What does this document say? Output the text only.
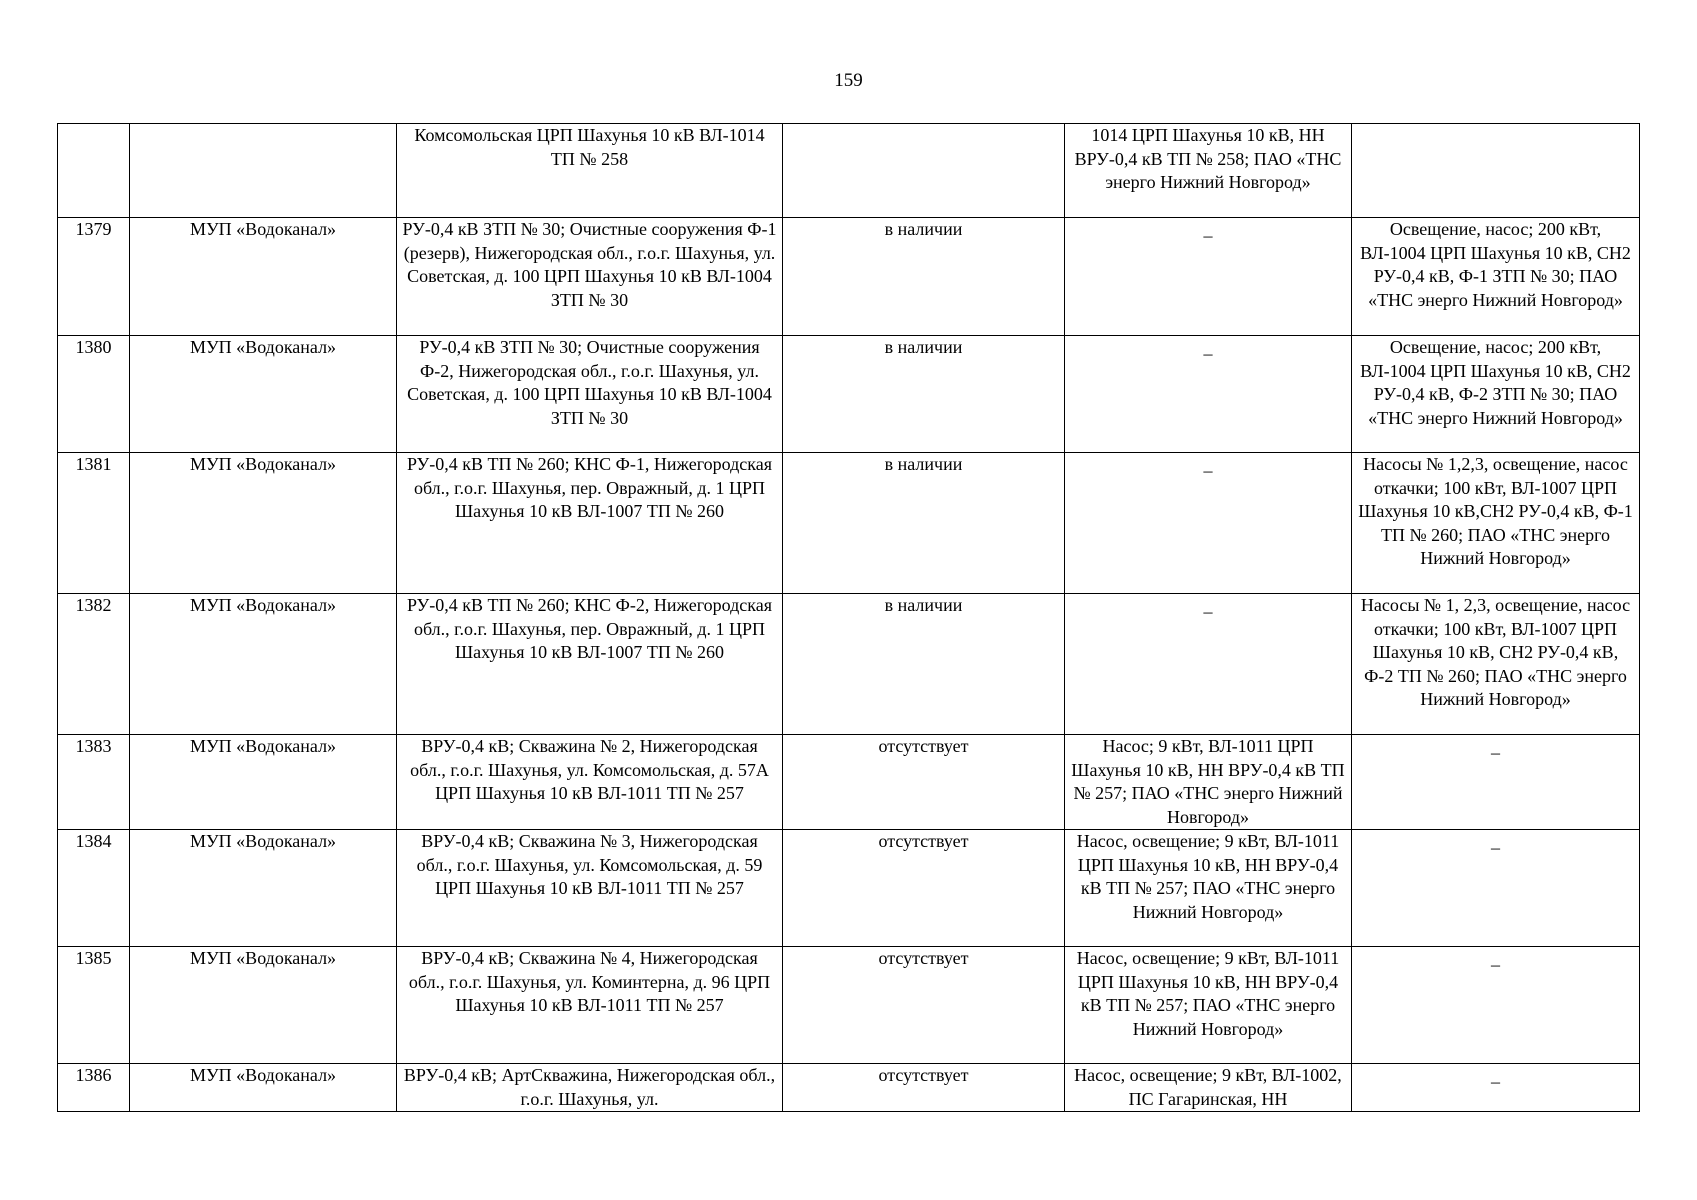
159
		Комсомольская ЦРП Шахунья 10 кВ ВЛ-1014 ТП № 258		1014 ЦРП Шахунья 10 кВ, НН ВРУ-0,4 кВ ТП № 258; ПАО «ТНС энерго Нижний Новгород»	
1379	МУП «Водоканал»	РУ-0,4 кВ ЗТП № 30; Очистные сооружения Ф-1 (резерв), Нижегородская обл., г.о.г. Шахунья, ул. Советская, д. 100 ЦРП Шахунья 10 кВ ВЛ-1004 ЗТП № 30	в наличии	_	Освещение, насос; 200 кВт, ВЛ-1004 ЦРП Шахунья 10 кВ, СН2 РУ-0,4 кВ, Ф-1 ЗТП № 30; ПАО «ТНС энерго Нижний Новгород»
1380	МУП «Водоканал»	РУ-0,4 кВ ЗТП № 30; Очистные сооружения Ф-2, Нижегородская обл., г.о.г. Шахунья, ул. Советская, д. 100 ЦРП Шахунья 10 кВ ВЛ-1004 ЗТП № 30	в наличии	_	Освещение, насос; 200 кВт, ВЛ-1004 ЦРП Шахунья 10 кВ, СН2 РУ-0,4 кВ, Ф-2 ЗТП № 30; ПАО «ТНС энерго Нижний Новгород»
1381	МУП «Водоканал»	РУ-0,4 кВ ТП № 260; КНС Ф-1, Нижегородская обл., г.о.г. Шахунья, пер. Овражный, д. 1 ЦРП Шахунья 10 кВ ВЛ-1007 ТП № 260	в наличии	_	Насосы № 1,2,3, освещение, насос откачки; 100 кВт, ВЛ-1007 ЦРП Шахунья 10 кВ,СН2 РУ-0,4 кВ, Ф-1 ТП № 260; ПАО «ТНС энерго Нижний Новгород»
1382	МУП «Водоканал»	РУ-0,4 кВ ТП № 260; КНС Ф-2, Нижегородская обл., г.о.г. Шахунья, пер. Овражный, д. 1 ЦРП Шахунья 10 кВ ВЛ-1007 ТП № 260	в наличии	_	Насосы № 1, 2,3, освещение, насос откачки; 100 кВт, ВЛ-1007 ЦРП Шахунья 10 кВ, СН2 РУ-0,4 кВ, Ф-2 ТП № 260; ПАО «ТНС энерго Нижний Новгород»
1383	МУП «Водоканал»	ВРУ-0,4 кВ; Скважина № 2, Нижегородская обл., г.о.г. Шахунья, ул. Комсомольская, д. 57А ЦРП Шахунья 10 кВ ВЛ-1011 ТП № 257	отсутствует	Насос; 9 кВт, ВЛ-1011 ЦРП Шахунья 10 кВ, НН ВРУ-0,4 кВ ТП № 257; ПАО «ТНС энерго Нижний Новгород»	_
1384	МУП «Водоканал»	ВРУ-0,4 кВ; Скважина № 3, Нижегородская обл., г.о.г. Шахунья, ул. Комсомольская, д. 59 ЦРП Шахунья 10 кВ ВЛ-1011 ТП № 257	отсутствует	Насос, освещение; 9 кВт, ВЛ-1011 ЦРП Шахунья 10 кВ, НН ВРУ-0,4 кВ ТП № 257; ПАО «ТНС энерго Нижний Новгород»	_
1385	МУП «Водоканал»	ВРУ-0,4 кВ; Скважина № 4, Нижегородская обл., г.о.г. Шахунья, ул. Коминтерна, д. 96 ЦРП Шахунья 10 кВ ВЛ-1011 ТП № 257	отсутствует	Насос, освещение; 9 кВт, ВЛ-1011 ЦРП Шахунья 10 кВ, НН ВРУ-0,4 кВ ТП № 257; ПАО «ТНС энерго Нижний Новгород»	_
1386	МУП «Водоканал»	ВРУ-0,4 кВ; АртСкважина, Нижегородская обл., г.о.г. Шахунья, ул.	отсутствует	Насос, освещение; 9 кВт, ВЛ-1002, ПС Гагаринская, НН	_
